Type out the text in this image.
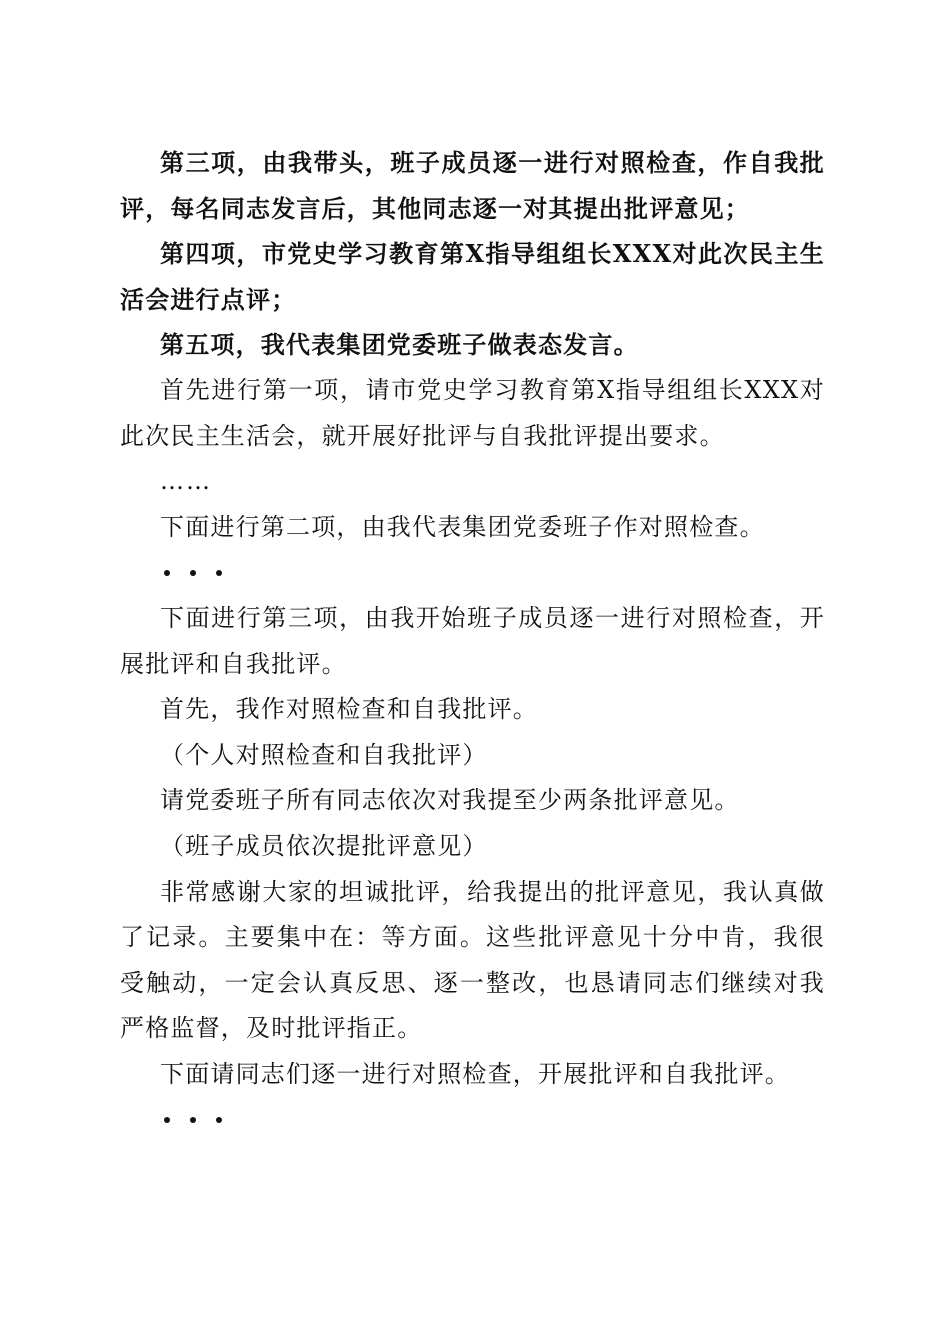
第三项，由我带头，班子成员逐一进行对照检查，作自我批评，每名同志发言后，其他同志逐一对其提出批评意见；

第四项，市党史学习教育第X指导组组长XXX对此次民主生活会进行点评；

第五项，我代表集团党委班子做表态发言。

首先进行第一项，请市党史学习教育第X指导组组长XXX对此次民主生活会，就开展好批评与自我批评提出要求。

……

下面进行第二项，由我代表集团党委班子作对照检查。

下面进行第三项，由我开始班子成员逐一进行对照检查，开展批评和自我批评。

首先，我作对照检查和自我批评。

（个人对照检查和自我批评）

请党委班子所有同志依次对我提至少两条批评意见。

（班子成员依次提批评意见）

非常感谢大家的坦诚批评，给我提出的批评意见，我认真做了记录。主要集中在：等方面。这些批评意见十分中肯，我很受触动，一定会认真反思、逐一整改，也恳请同志们继续对我严格监督，及时批评指正。

下面请同志们逐一进行对照检查，开展批评和自我批评。
